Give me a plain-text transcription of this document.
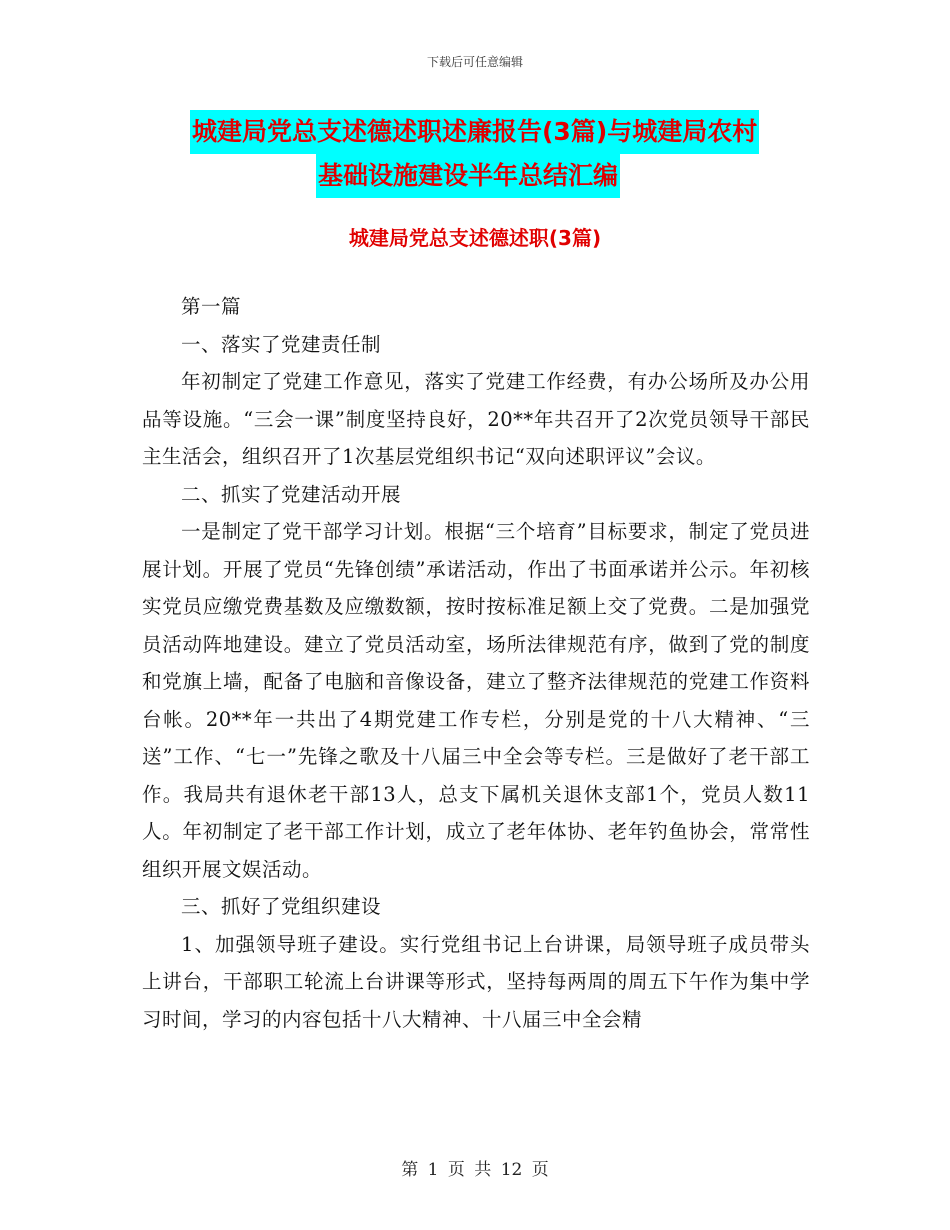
下载后可任意编辑
城建局党总支述德述职述廉报告(3篇)与城建局农村
基础设施建设半年总结汇编
城建局党总支述德述职(3篇)

第一篇

一、落实了党建责任制

年初制定了党建工作意见，落实了党建工作经费，有办公场所及办公用品等设施。“三会一课”制度坚持良好，20**年共召开了2次党员领导干部民主生活会，组织召开了1次基层党组织书记“双向述职评议”会议。

二、抓实了党建活动开展

一是制定了党干部学习计划。根据“三个培育”目标要求，制定了党员进展计划。开展了党员“先锋创绩”承诺活动，作出了书面承诺并公示。年初核实党员应缴党费基数及应缴数额，按时按标准足额上交了党费。二是加强党员活动阵地建设。建立了党员活动室，场所法律规范有序，做到了党的制度和党旗上墙，配备了电脑和音像设备，建立了整齐法律规范的党建工作资料台帐。20**年一共出了4期党建工作专栏，分别是党的十八大精神、“三送”工作、“七一”先锋之歌及十八届三中全会等专栏。三是做好了老干部工作。我局共有退休老干部13人，总支下属机关退休支部1个，党员人数11人。年初制定了老干部工作计划，成立了老年体协、老年钓鱼协会，常常性组织开展文娱活动。

三、抓好了党组织建设

1、加强领导班子建设。实行党组书记上台讲课，局领导班子成员带头上讲台，干部职工轮流上台讲课等形式，坚持每两周的周五下午作为集中学习时间，学习的内容包括十八大精神、十八届三中全会精

第 1 页 共 12 页
